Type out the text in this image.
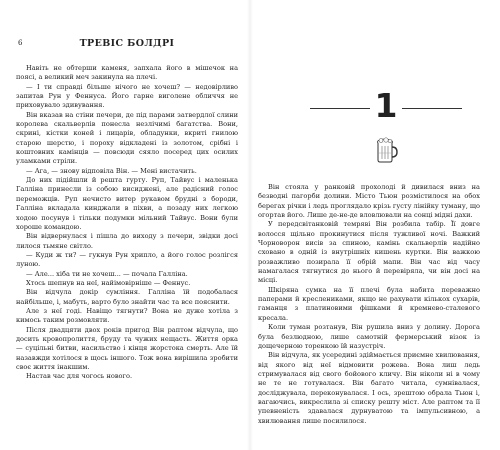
6	ТРЕВІС БОЛДРІ

Навіть не обтерши каменя, запхала його в мішечок на поясі, а великий меч закинула на плечі.

— І ти справді більше нічого не хочеш? — недовірливо запитав Рун у Феннуса. Його гарне виголене обличчя не приховувало здивування.

Він вказав на стіни печери, де під парами затвердлої слини королева скальверлів понесла незлічимі багатства. Вони, скрині, кістки коней і лицарів, обладунки, вкриті гнилою старою шерстю, і пороху відкладені із золотом, срібні і коштовних камінців — повсюди сяяло посеред цих осилих уламками стріли.

— Ага, — знову відповіла Він. — Мені вистачить.

До них підійшли й решта гурту. Руп, Тайвус і маленька Галліна принесли із собою висиджені, але радісний голос переможців. Руп нечисто витер рукавом брудні з бороди, Галліна вкладала кинджали в піхви, а позаду них легкою ходою посунув і тільки подумки мільний Тайвус. Вони були хороше командою.

Він відвернулася і пішла до виходу з печери, звідки досі лилося тьмяне світло.

— Куди ж ти? — гукнув Рун хрипло, а його голос розлігся луною.

— Але... хіба ти не хочеш... — почала Галліна.

Хтось шепнув на неї, найімовірніше — Феннус.

Він відчула докір сумління. Галліна їй подобалася найбільше, і, мабуть, варто було знайти час та все пояснити.

Але з неї годі. Навіщо тягнути? Вона не дуже хотіла з кимось таким розмовляти.

Після двадцяти двох років пригод Він раптом відчула, що досить кровопролиття, бруду та чужих нещасть. Життя орка — суцільні битви, насильство і кінця жорстока смерть. Але їй назавжди хотілося в щось іншого. Тож вона вирішила зробити своє життя інакшим.

Настав час для чогось нового.

1

Він стояла у ранковій прохолоді й дивилася вниз на безводні пагорби долини. Місто Тьюн розмістилося на обох берегах річки і ледь проглядало крізь густу лінійку туману, що огортав його. Лише де-не-де вловлювали на сонці мідні дахи.

У передсвітанковій темряві Він розбила табір. Її довге волосся щільно прокинутися після тужливої ночі. Важкий Чорноворон висів за спиною, камінь скальверлів надійно сховано в одній із внутрішніх кишень куртки. Він важкою розважливо позирала її обрій мапи. Він час від часу намагалася тягнутися до нього й перевіряла, чи він досі на місці.

Шкіряна сумка на її плечі була набита переважно паперами й креслениками, якщо не рахувати кількох сухарів, гаманця з платиновими фішками й кремнево-сталевого кресала.

Коли туман розтанув, Він рушила вниз у долину. Дорога була безлюдною, лише самотній фермерський візок із дощечерною торенкою їй назустріч.

Він відчула, як усередині здіймається приємне хвилювання, від якого від неї відмовити рожева. Вона лиш ледь стримувалася від свого бойового кличу. Він ніколи ні в чому не те не готувалася. Він багато читала, сумнівалася, досліджувала, переконувалася. І ось, зрештою обрала Тьюн і, вагаючись, викреслила зі списку решту міст. Але раптом та її упевненість здавалася дурнуватою та імпульсивною, а хвилювання лише посилилося.
